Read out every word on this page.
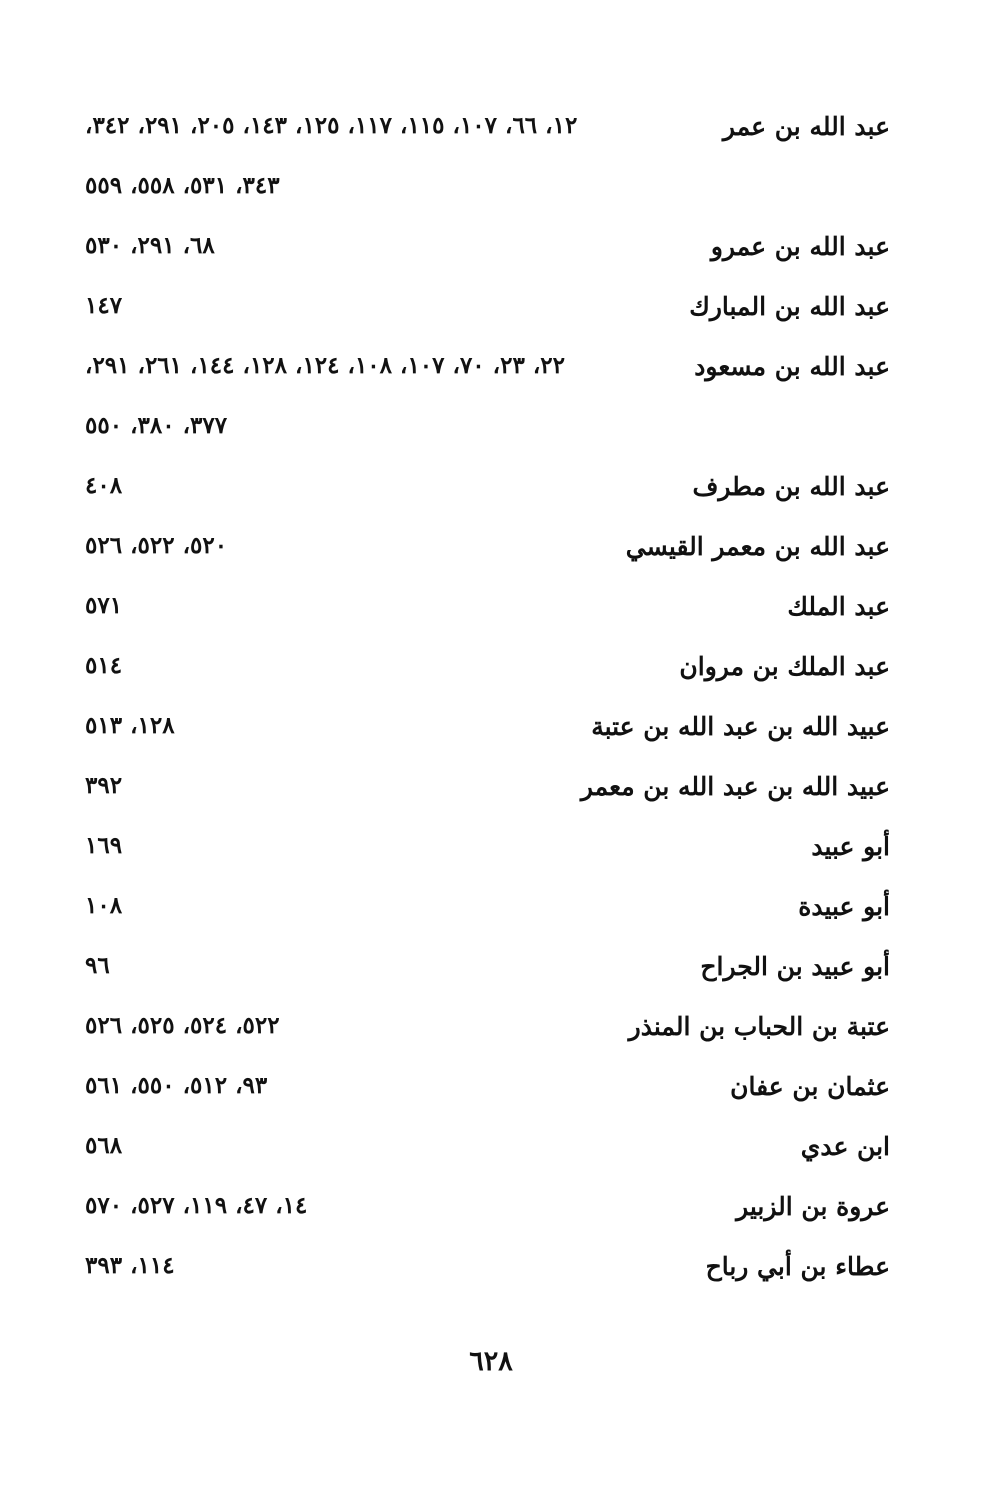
عبد الله بن عمر
١٢، ٦٦، ١٠٧، ١١٥، ١١٧، ١٢٥، ١٤٣، ٢٠٥، ٢٩١، ٣٤٢،
٣٤٣، ٥٣١، ٥٥٨، ٥٥٩
عبد الله بن عمرو
٦٨، ٢٩١، ٥٣٠
عبد الله بن المبارك
١٤٧
عبد الله بن مسعود
٢٢، ٢٣، ٧٠، ١٠٧، ١٠٨، ١٢٤، ١٢٨، ١٤٤، ٢٦١، ٢٩١،
٣٧٧، ٣٨٠، ٥٥٠
عبد الله بن مطرف
٤٠٨
عبد الله بن معمر القيسي
٥٢٠، ٥٢٢، ٥٢٦
عبد الملك
٥٧١
عبد الملك بن مروان
٥١٤
عبيد الله بن عبد الله بن عتبة
١٢٨، ٥١٣
عبيد الله بن عبد الله بن معمر
٣٩٢
أبو عبيد
١٦٩
أبو عبيدة
١٠٨
أبو عبيد بن الجراح
٩٦
عتبة بن الحباب بن المنذر
٥٢٢، ٥٢٤، ٥٢٥، ٥٢٦
عثمان بن عفان
٩٣، ٥١٢، ٥٥٠، ٥٦١
ابن عدي
٥٦٨
عروة بن الزبير
١٤، ٤٧، ١١٩، ٥٢٧، ٥٧٠
عطاء بن أبي رباح
١١٤، ٣٩٣
٦٢٨
